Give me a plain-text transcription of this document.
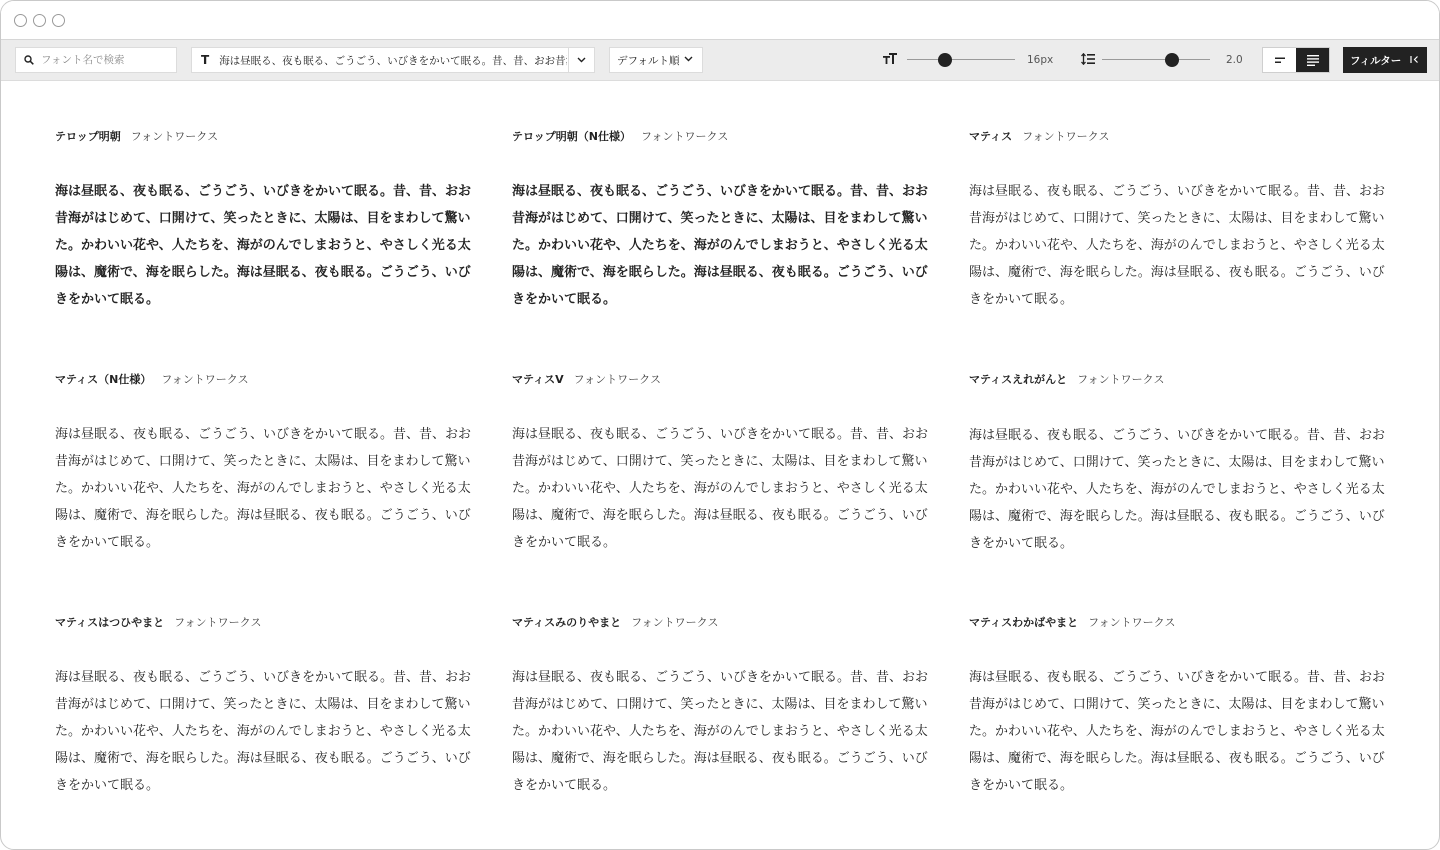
フォント名で検索
T
海は昼眠る、夜も眠る、ごうごう、いびきをかいて眠る。昔、昔、おお昔海がはじめて、	デフォルト順	フィルター
16px	2.0
テロップ明朝 フォントワークス
海は昼眠る、夜も眠る、ごうごう、いびきをかいて眠る。昔、昔、おお昔海がはじめて、口開けて、笑ったときに、太陽は、目をまわして驚いた。かわいい花や、人たちを、海がのんでしまおうと、やさしく光る太陽は、魔術で、海を眠らした。海は昼眠る、夜も眠る。ごうごう、いびきをかいて眠る。
テロップ明朝（N仕様） フォントワークス
海は昼眠る、夜も眠る、ごうごう、いびきをかいて眠る。昔、昔、おお昔海がはじめて、口開けて、笑ったときに、太陽は、目をまわして驚いた。かわいい花や、人たちを、海がのんでしまおうと、やさしく光る太陽は、魔術で、海を眠らした。海は昼眠る、夜も眠る。ごうごう、いびきをかいて眠る。
マティス フォントワークス
海は昼眠る、夜も眠る、ごうごう、いびきをかいて眠る。昔、昔、おお昔海がはじめて、口開けて、笑ったときに、太陽は、目をまわして驚いた。かわいい花や、人たちを、海がのんでしまおうと、やさしく光る太陽は、魔術で、海を眠らした。海は昼眠る、夜も眠る。ごうごう、いびきをかいて眠る。
マティス（N仕様） フォントワークス
海は昼眠る、夜も眠る、ごうごう、いびきをかいて眠る。昔、昔、おお昔海がはじめて、口開けて、笑ったときに、太陽は、目をまわして驚いた。かわいい花や、人たちを、海がのんでしまおうと、やさしく光る太陽は、魔術で、海を眠らした。海は昼眠る、夜も眠る。ごうごう、いびきをかいて眠る。
マティスV フォントワークス
海は昼眠る、夜も眠る、ごうごう、いびきをかいて眠る。昔、昔、おお昔海がはじめて、口開けて、笑ったときに、太陽は、目をまわして驚いた。かわいい花や、人たちを、海がのんでしまおうと、やさしく光る太陽は、魔術で、海を眠らした。海は昼眠る、夜も眠る。ごうごう、いびきをかいて眠る。
マティスえれがんと フォントワークス
海は昼眠る、夜も眠る、ごうごう、いびきをかいて眠る。昔、昔、おお昔海がはじめて、口開けて、笑ったときに、太陽は、目をまわして驚いた。かわいい花や、人たちを、海がのんでしまおうと、やさしく光る太陽は、魔術で、海を眠らした。海は昼眠る、夜も眠る。ごうごう、いびきをかいて眠る。
マティスはつひやまと フォントワークス
海は昼眠る、夜も眠る、ごうごう、いびきをかいて眠る。昔、昔、おお昔海がはじめて、口開けて、笑ったときに、太陽は、目をまわして驚いた。かわいい花や、人たちを、海がのんでしまおうと、やさしく光る太陽は、魔術で、海を眠らした。海は昼眠る、夜も眠る。ごうごう、いびきをかいて眠る。
マティスみのりやまと フォントワークス
海は昼眠る、夜も眠る、ごうごう、いびきをかいて眠る。昔、昔、おお昔海がはじめて、口開けて、笑ったときに、太陽は、目をまわして驚いた。かわいい花や、人たちを、海がのんでしまおうと、やさしく光る太陽は、魔術で、海を眠らした。海は昼眠る、夜も眠る。ごうごう、いびきをかいて眠る。
マティスわかばやまと フォントワークス
海は昼眠る、夜も眠る、ごうごう、いびきをかいて眠る。昔、昔、おお昔海がはじめて、口開けて、笑ったときに、太陽は、目をまわして驚いた。かわいい花や、人たちを、海がのんでしまおうと、やさしく光る太陽は、魔術で、海を眠らした。海は昼眠る、夜も眠る。ごうごう、いびきをかいて眠る。
